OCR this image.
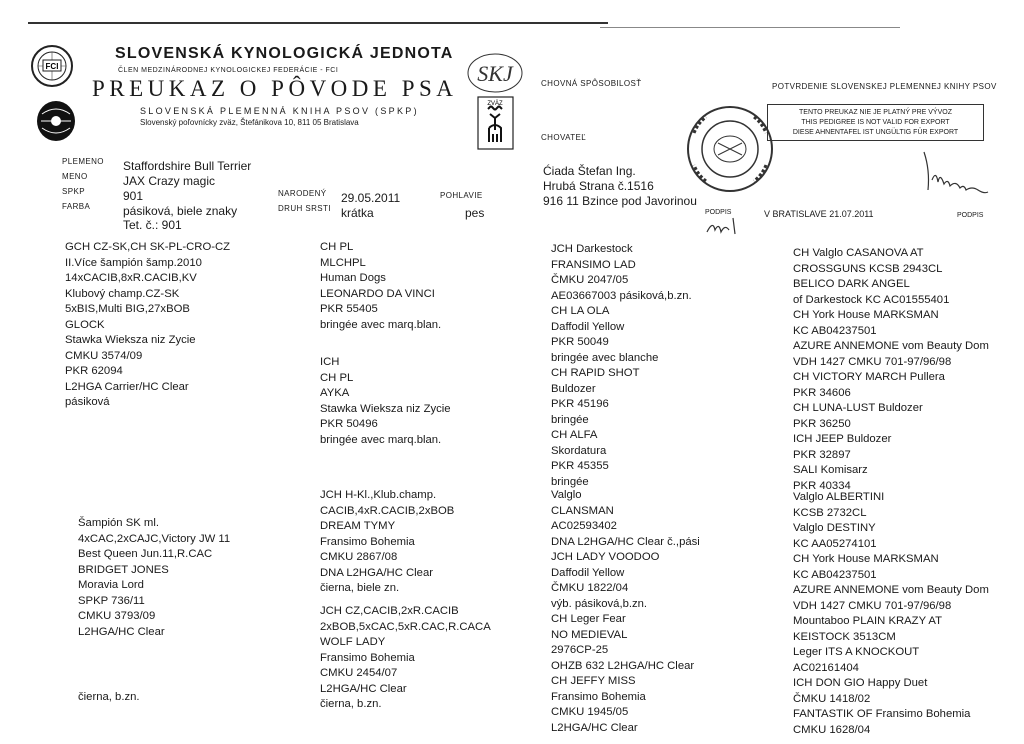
FCI
SLOVENSKÁ KYNOLOGICKÁ JEDNOTA
ČLEN MEDZINÁRODNEJ KYNOLOGICKEJ FEDERÁCIE - FCI
PREUKAZ O PÔVODE PSA
SLOVENSKÁ PLEMENNÁ KNIHA PSOV (SPKP)
Slovenský poľovnícky zväz, Štefánikova 10, 811 05 Bratislava
SKJ
ZVÄZ
CHOVNÁ SPÔSOBILOSŤ
CHOVATEĽ
POTVRDENIE SLOVENSKEJ PLEMENNEJ KNIHY PSOV
TENTO PREUKAZ NIE JE PLATNÝ PRE VÝVOZ
THIS PEDIGREE IS NOT VALID FOR EXPORT
DIESE AHNENTAFEL IST UNGÜLTIG FÜR EXPORT
PLEMENO
MENO
SPKP
FARBA
Staffordshire Bull Terrier
JAX Crazy magic
901
pásiková, biele znaky
Tet. č.: 901
NARODENÝ
DRUH SRSTI
29.05.2011
krátka
POHLAVIE
pes
Ćiada Štefan Ing.
Hrubá Strana č.1516
916 11 Bzince pod Javorinou
PODPIS	V BRATISLAVE 21.07.2011	PODPIS
GCH CZ-SK,CH SK-PL-CRO-CZ
II.Více šampión šamp.2010
14xCACIB,8xR.CACIB,KV
Klubový champ.CZ-SK
5xBIS,Multi BIG,27xBOB
GLOCK
Stawka Wieksza niz Zycie
CMKU 3574/09
PKR 62094
L2HGA Carrier/HC Clear
pásiková
Šampión SK ml.
4xCAC,2xCAJC,Victory JW 11
Best Queen Jun.11,R.CAC
BRIDGET JONES
Moravia Lord
SPKP 736/11
CMKU 3793/09
L2HGA/HC Clear
čierna, b.zn.
CH PL
MLCHPL
Human Dogs
LEONARDO DA VINCI
PKR 55405
bringée avec marq.blan.
ICH
CH PL
AYKA
Stawka Wieksza niz Zycie
PKR 50496
bringée avec marq.blan.
JCH H-Kl.,Klub.champ.
CACIB,4xR.CACIB,2xBOB
DREAM TYMY
Fransimo Bohemia
CMKU 2867/08
DNA L2HGA/HC Clear
čierna, biele zn.
JCH CZ,CACIB,2xR.CACIB
2xBOB,5xCAC,5xR.CAC,R.CACA
WOLF LADY
Fransimo Bohemia
CMKU 2454/07
L2HGA/HC Clear
čierna, b.zn.
JCH Darkestock
FRANSIMO LAD
ČMKU 2047/05
AE03667003 pásiková,b.zn.
CH LA OLA
Daffodil Yellow
PKR 50049
bringée avec blanche
CH RAPID SHOT
Buldozer
PKR 45196
bringée
CH ALFA
Skordatura
PKR 45355
bringée
Valglo
CLANSMAN
AC02593402
DNA L2HGA/HC Clear č.,pási
JCH LADY VOODOO
Daffodil Yellow
ČMKU 1822/04
výb. pásiková,b.zn.
CH Leger Fear
NO MEDIEVAL
2976CP-25
OHZB 632 L2HGA/HC Clear
CH JEFFY MISS
Fransimo Bohemia
CMKU 1945/05
L2HGA/HC Clear
CH Valglo CASANOVA AT
CROSSGUNS KCSB 2943CL
BELICO DARK ANGEL
of Darkestock KC AC01555401
CH York House MARKSMAN
KC AB04237501
AZURE ANNEMONE vom Beauty Dom
VDH 1427 CMKU 701-97/96/98
CH VICTORY MARCH Pullera
PKR 34606
CH LUNA-LUST Buldozer
PKR 36250
ICH JEEP Buldozer
PKR 32897
SALI Komisarz
PKR 40334
Valglo ALBERTINI
KCSB 2732CL
Valglo DESTINY
KC AA05274101
CH York House MARKSMAN
KC AB04237501
AZURE ANNEMONE vom Beauty Dom
VDH 1427 CMKU 701-97/96/98
Mountaboo PLAIN KRAZY AT
KEISTOCK 3513CM
Leger ITS A KNOCKOUT
AC02161404
ICH DON GIO Happy Duet
ČMKU 1418/02
FANTASTIK OF Fransimo Bohemia
CMKU 1628/04
